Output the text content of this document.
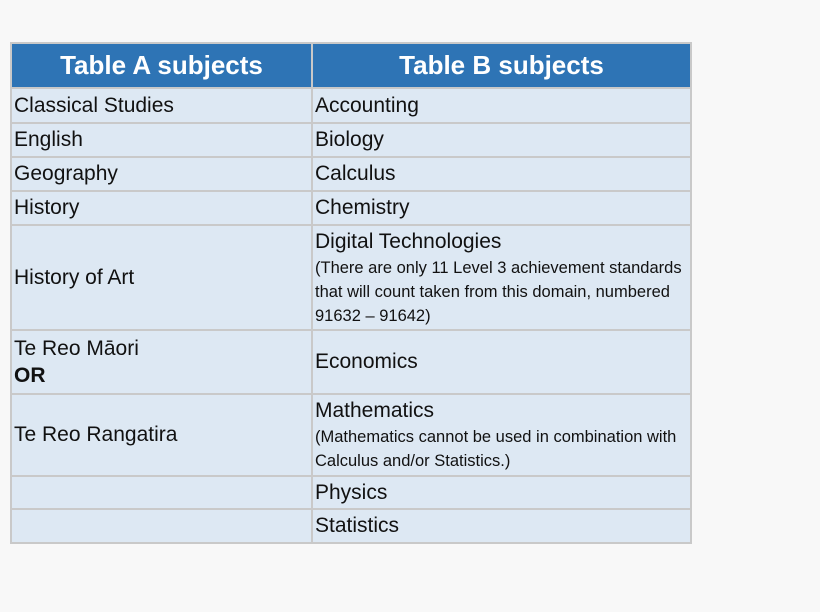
Table A subjects	Table B subjects
Classical Studies	Accounting
English	Biology
Geography	Calculus
History	Chemistry
History of Art	Digital Technologies
(There are only 11 Level 3 achievement standards that will count taken from this domain, numbered 91632 – 91642)

Te Reo Māori
OR	Economics

Te Reo Rangatira	Mathematics
(Mathematics cannot be used in combination with Calculus and/or Statistics.)

	Physics
	Statistics
